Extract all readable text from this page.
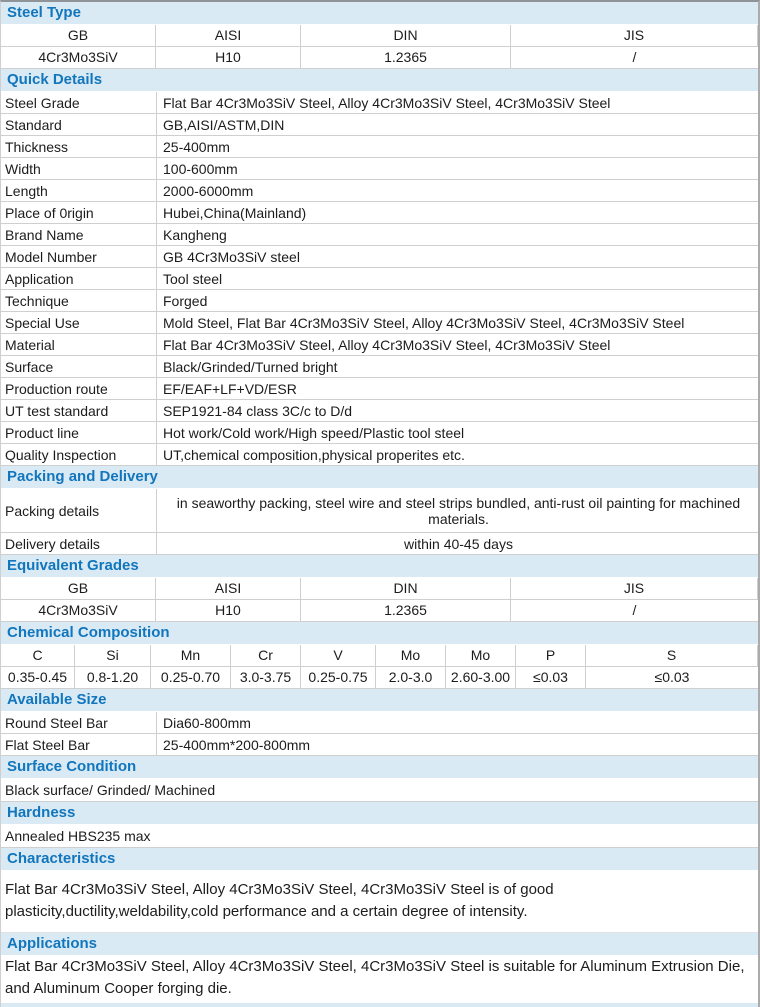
Steel Type
GB	AISI	DIN	JIS
4Cr3Mo3SiV	H10	1.2365	/
Quick Details
Steel Grade	Flat Bar 4Cr3Mo3SiV Steel, Alloy 4Cr3Mo3SiV Steel, 4Cr3Mo3SiV Steel
Standard	GB,AISI/ASTM,DIN
Thickness	25-400mm
Width	100-600mm
Length	2000-6000mm
Place of 0rigin	Hubei,China(Mainland)
Brand Name	Kangheng
Model Number	GB 4Cr3Mo3SiV steel
Application	Tool steel
Technique	Forged
Special Use	Mold Steel, Flat Bar 4Cr3Mo3SiV Steel, Alloy 4Cr3Mo3SiV Steel, 4Cr3Mo3SiV Steel
Material	Flat Bar 4Cr3Mo3SiV Steel, Alloy 4Cr3Mo3SiV Steel, 4Cr3Mo3SiV Steel
Surface	Black/Grinded/Turned bright
Production route	EF/EAF+LF+VD/ESR
UT test standard	SEP1921-84 class 3C/c to D/d
Product line	Hot work/Cold work/High speed/Plastic tool steel
Quality Inspection	UT,chemical composition,physical properites etc.
Packing and Delivery
Packing details	in seaworthy packing, steel wire and steel strips bundled, anti-rust oil painting for machined materials.
Delivery details	within 40-45 days
Equivalent Grades
GB	AISI	DIN	JIS
4Cr3Mo3SiV	H10	1.2365	/
Chemical Composition
C	Si	Mn	Cr	V	Mo	Mo	P	S
0.35-0.45	0.8-1.20	0.25-0.70	3.0-3.75	0.25-0.75	2.0-3.0	2.60-3.00	≤0.03	≤0.03
Available Size
Round Steel Bar	Dia60-800mm
Flat Steel Bar	25-400mm*200-800mm
Surface Condition
Black surface/ Grinded/ Machined
Hardness
Annealed HBS235 max
Characteristics
Flat Bar 4Cr3Mo3SiV Steel, Alloy 4Cr3Mo3SiV Steel, 4Cr3Mo3SiV Steel is of good plasticity,ductility,weldability,cold performance and a certain degree of intensity.
Applications
Flat Bar 4Cr3Mo3SiV Steel, Alloy 4Cr3Mo3SiV Steel, 4Cr3Mo3SiV Steel is suitable for Aluminum Extrusion Die, and Aluminum Cooper forging die.
